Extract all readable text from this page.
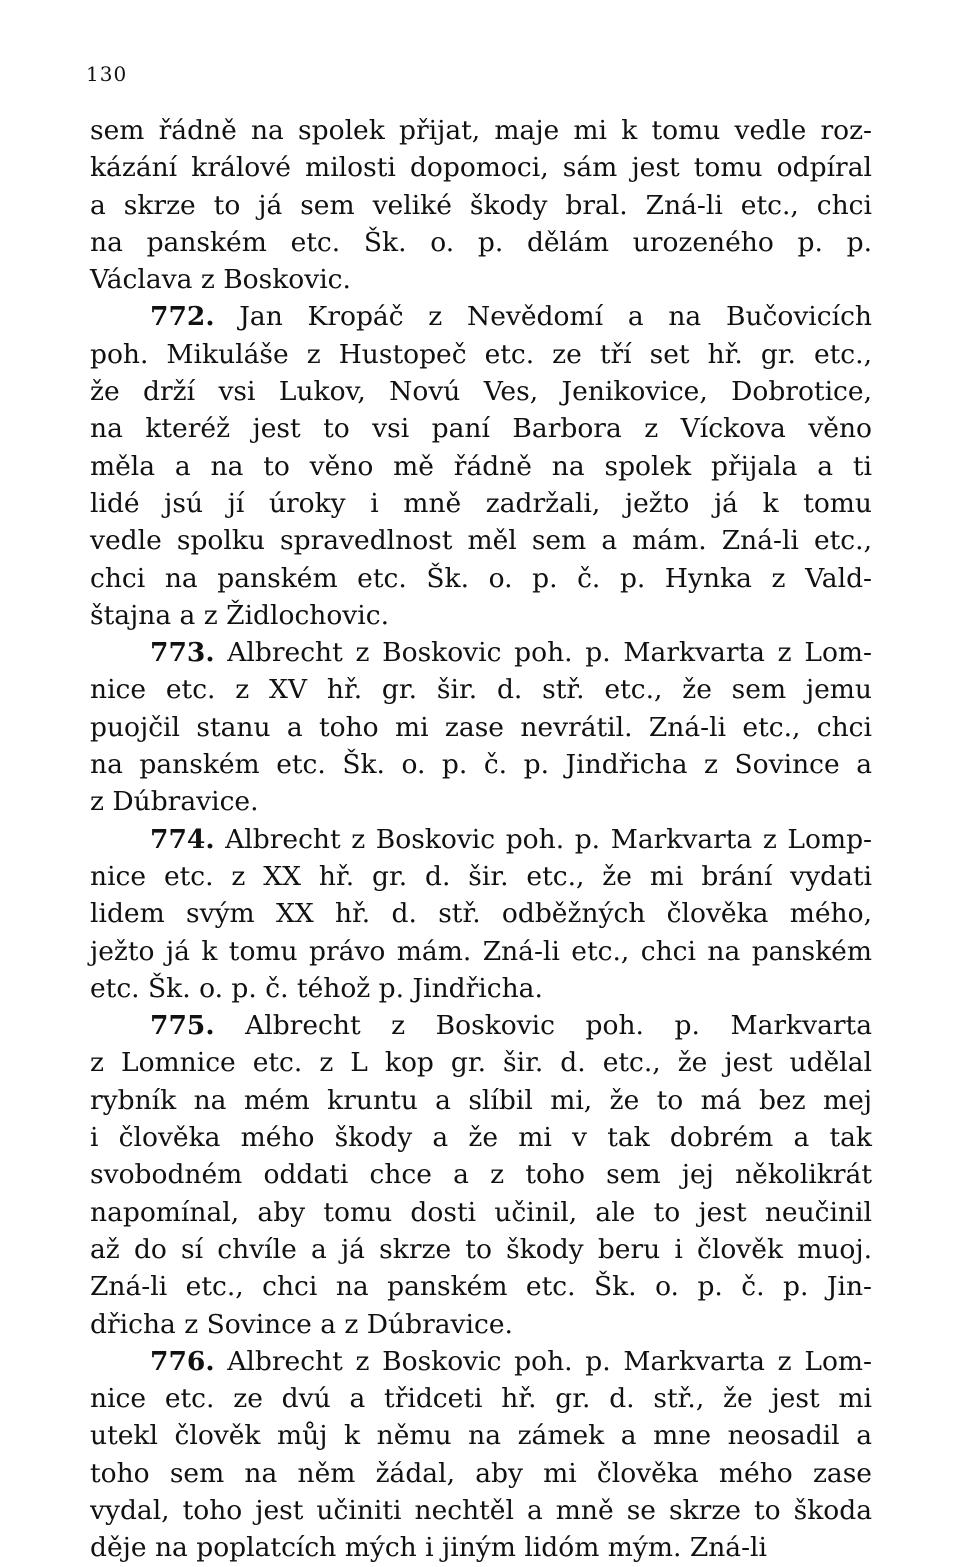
130
sem řádně na spolek přijat, maje mi k tomu vedle roz-
kázání králové milosti dopomoci, sám jest tomu odpíral
a skrze to já sem veliké škody bral. Zná-li etc., chci
na panském etc. Šk. o. p. dělám urozeného p. p.
Václava z Boskovic.
772. Jan Kropáč z Nevědomí a na Bučovicích
poh. Mikuláše z Hustopeč etc. ze tří set hř. gr. etc.,
že drží vsi Lukov, Novú Ves, Jenikovice, Dobrotice,
na kteréž jest to vsi paní Barbora z Víckova věno
měla a na to věno mě řádně na spolek přijala a ti
lidé jsú jí úroky i mně zadržali, ježto já k tomu
vedle spolku spravedlnost měl sem a mám. Zná-li etc.,
chci na panském etc. Šk. o. p. č. p. Hynka z Vald-
štajna a z Židlochovic.
773. Albrecht z Boskovic poh. p. Markvarta z Lom-
nice etc. z XV hř. gr. šir. d. stř. etc., že sem jemu
puojčil stanu a toho mi zase nevrátil. Zná-li etc., chci
na panském etc. Šk. o. p. č. p. Jindřicha z Sovince a
z Dúbravice.
774. Albrecht z Boskovic poh. p. Markvarta z Lomp-
nice etc. z XX hř. gr. d. šir. etc., že mi brání vydati
lidem svým XX hř. d. stř. odběžných člověka mého,
ježto já k tomu právo mám. Zná-li etc., chci na panském
etc. Šk. o. p. č. téhož p. Jindřicha.
775. Albrecht z Boskovic poh. p. Markvarta
z Lomnice etc. z L kop gr. šir. d. etc., že jest udělal
rybník na mém kruntu a slíbil mi, že to má bez mej
i člověka mého škody a že mi v tak dobrém a tak
svobodném oddati chce a z toho sem jej několikrát
napomínal, aby tomu dosti učinil, ale to jest neučinil
až do sí chvíle a já skrze to škody beru i člověk muoj.
Zná-li etc., chci na panském etc. Šk. o. p. č. p. Jin-
dřicha z Sovince a z Dúbravice.
776. Albrecht z Boskovic poh. p. Markvarta z Lom-
nice etc. ze dvú a třidceti hř. gr. d. stř., že jest mi
utekl člověk můj k němu na zámek a mne neosadil a
toho sem na něm žádal, aby mi člověka mého zase
vydal, toho jest učiniti nechtěl a mně se skrze to škoda
děje na poplatcích mých i jiným lidóm mým. Zná-li
